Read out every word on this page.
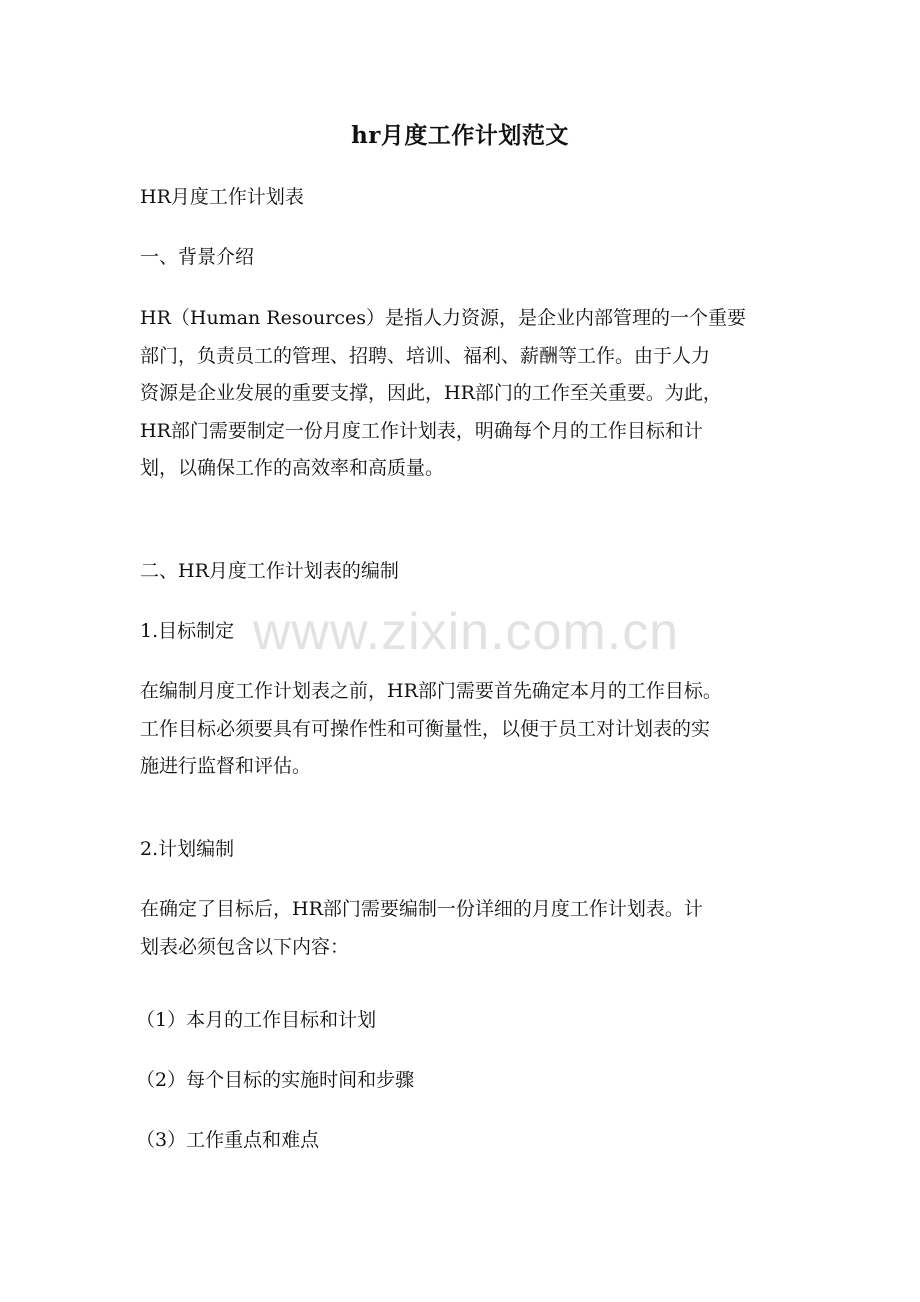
hr月度工作计划范文

HR月度工作计划表

一、背景介绍

HR（Human Resources）是指人力资源，是企业内部管理的一个重要
部门，负责员工的管理、招聘、培训、福利、薪酬等工作。由于人力
资源是企业发展的重要支撑，因此，HR部门的工作至关重要。为此，
HR部门需要制定一份月度工作计划表，明确每个月的工作目标和计
划，以确保工作的高效率和高质量。

二、HR月度工作计划表的编制

1.目标制定

在编制月度工作计划表之前，HR部门需要首先确定本月的工作目标。
工作目标必须要具有可操作性和可衡量性，以便于员工对计划表的实
施进行监督和评估。

2.计划编制

在确定了目标后，HR部门需要编制一份详细的月度工作计划表。计
划表必须包含以下内容：

（1）本月的工作目标和计划

（2）每个目标的实施时间和步骤

（3）工作重点和难点

www.zixin.com.cn
